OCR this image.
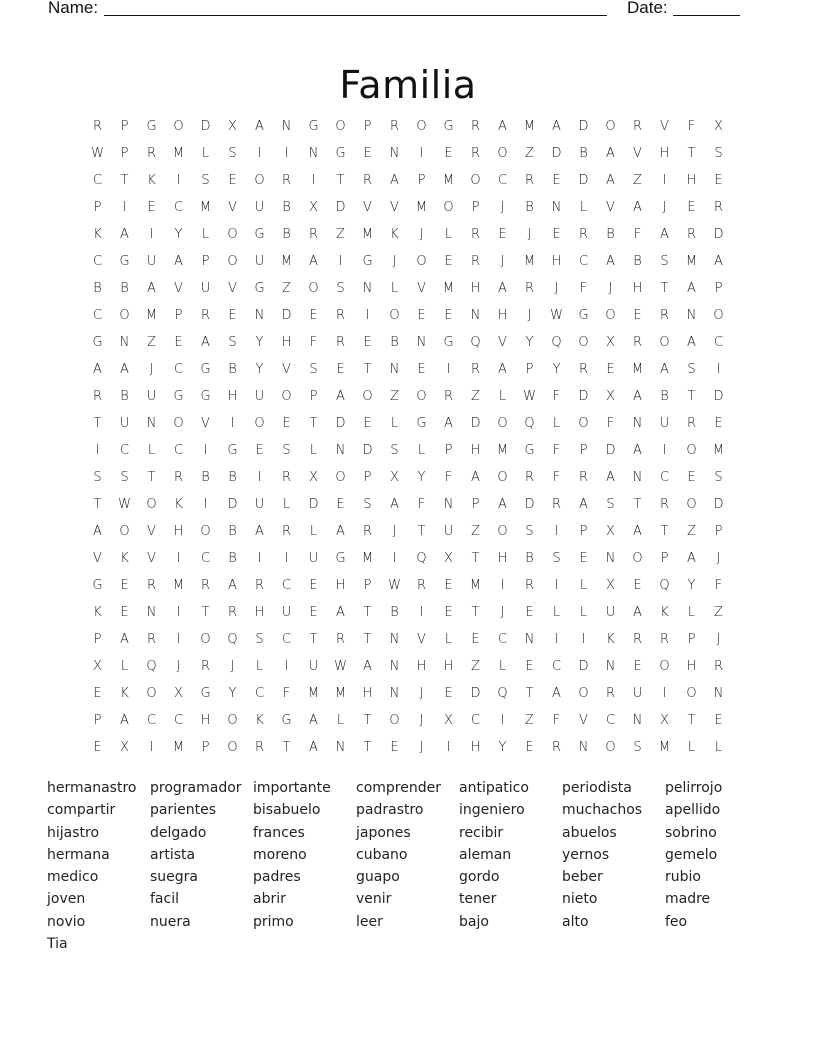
Name:	Date:
Familia
R	P	G	O	D	X	A	N	G	O	P	R	O	G	R	A	M	A	D	O	R	V	F	X
W	P	R	M	L	S	I	I	N	G	E	N	I	E	R	O	Z	D	B	A	V	H	T	S
C	T	K	I	S	E	O	R	I	T	R	A	P	M	O	C	R	E	D	A	Z	I	H	E
P	I	E	C	M	V	U	B	X	D	V	V	M	O	P	J	B	N	L	V	A	J	E	R
K	A	I	Y	L	O	G	B	R	Z	M	K	J	L	R	E	J	E	R	B	F	A	R	D
C	G	U	A	P	O	U	M	A	I	G	J	O	E	R	J	M	H	C	A	B	S	M	A
B	B	A	V	U	V	G	Z	O	S	N	L	V	M	H	A	R	J	F	J	H	T	A	P
C	O	M	P	R	E	N	D	E	R	I	O	E	E	N	H	J	W	G	O	E	R	N	O
G	N	Z	E	A	S	Y	H	F	R	E	B	N	G	Q	V	Y	Q	O	X	R	O	A	C
A	A	J	C	G	B	Y	V	S	E	T	N	E	I	R	A	P	Y	R	E	M	A	S	I
R	B	U	G	G	H	U	O	P	A	O	Z	O	R	Z	L	W	F	D	X	A	B	T	D
T	U	N	O	V	I	O	E	T	D	E	L	G	A	D	O	Q	L	O	F	N	U	R	E
I	C	L	C	I	G	E	S	L	N	D	S	L	P	H	M	G	F	P	D	A	I	O	M
S	S	T	R	B	B	I	R	X	O	P	X	Y	F	A	O	R	F	R	A	N	C	E	S
T	W	O	K	I	D	U	L	D	E	S	A	F	N	P	A	D	R	A	S	T	R	O	D
A	O	V	H	O	B	A	R	L	A	R	J	T	U	Z	O	S	I	P	X	A	T	Z	P
V	K	V	I	C	B	I	I	U	G	M	I	Q	X	T	H	B	S	E	N	O	P	A	J
G	E	R	M	R	A	R	C	E	H	P	W	R	E	M	I	R	I	L	X	E	Q	Y	F
K	E	N	I	T	R	H	U	E	A	T	B	I	E	T	J	E	L	L	U	A	K	L	Z
P	A	R	I	O	Q	S	C	T	R	T	N	V	L	E	C	N	I	I	K	R	R	P	J
X	L	Q	J	R	J	L	I	U	W	A	N	H	H	Z	L	E	C	D	N	E	O	H	R
E	K	O	X	G	Y	C	F	M	M	H	N	J	E	D	Q	T	A	O	R	U	I	O	N
P	A	C	C	H	O	K	G	A	L	T	O	J	X	C	I	Z	F	V	C	N	X	T	E
E	X	I	M	P	O	R	T	A	N	T	E	J	I	H	Y	E	R	N	O	S	M	L	L
hermanastro programador importante	comprender	antipatico	periodista	pelirrojo
compartir	parientes	bisabuelo	padrastro	ingeniero	muchachos	apellido
hijastro	delgado	frances	japones	recibir	abuelos	sobrino
hermana	artista	moreno	cubano	aleman	yernos	gemelo
medico	suegra	padres	guapo	gordo	beber	rubio
joven	facil	abrir	venir	tener	nieto	madre
novio	nuera	primo	leer	bajo	alto	feo
Tia
